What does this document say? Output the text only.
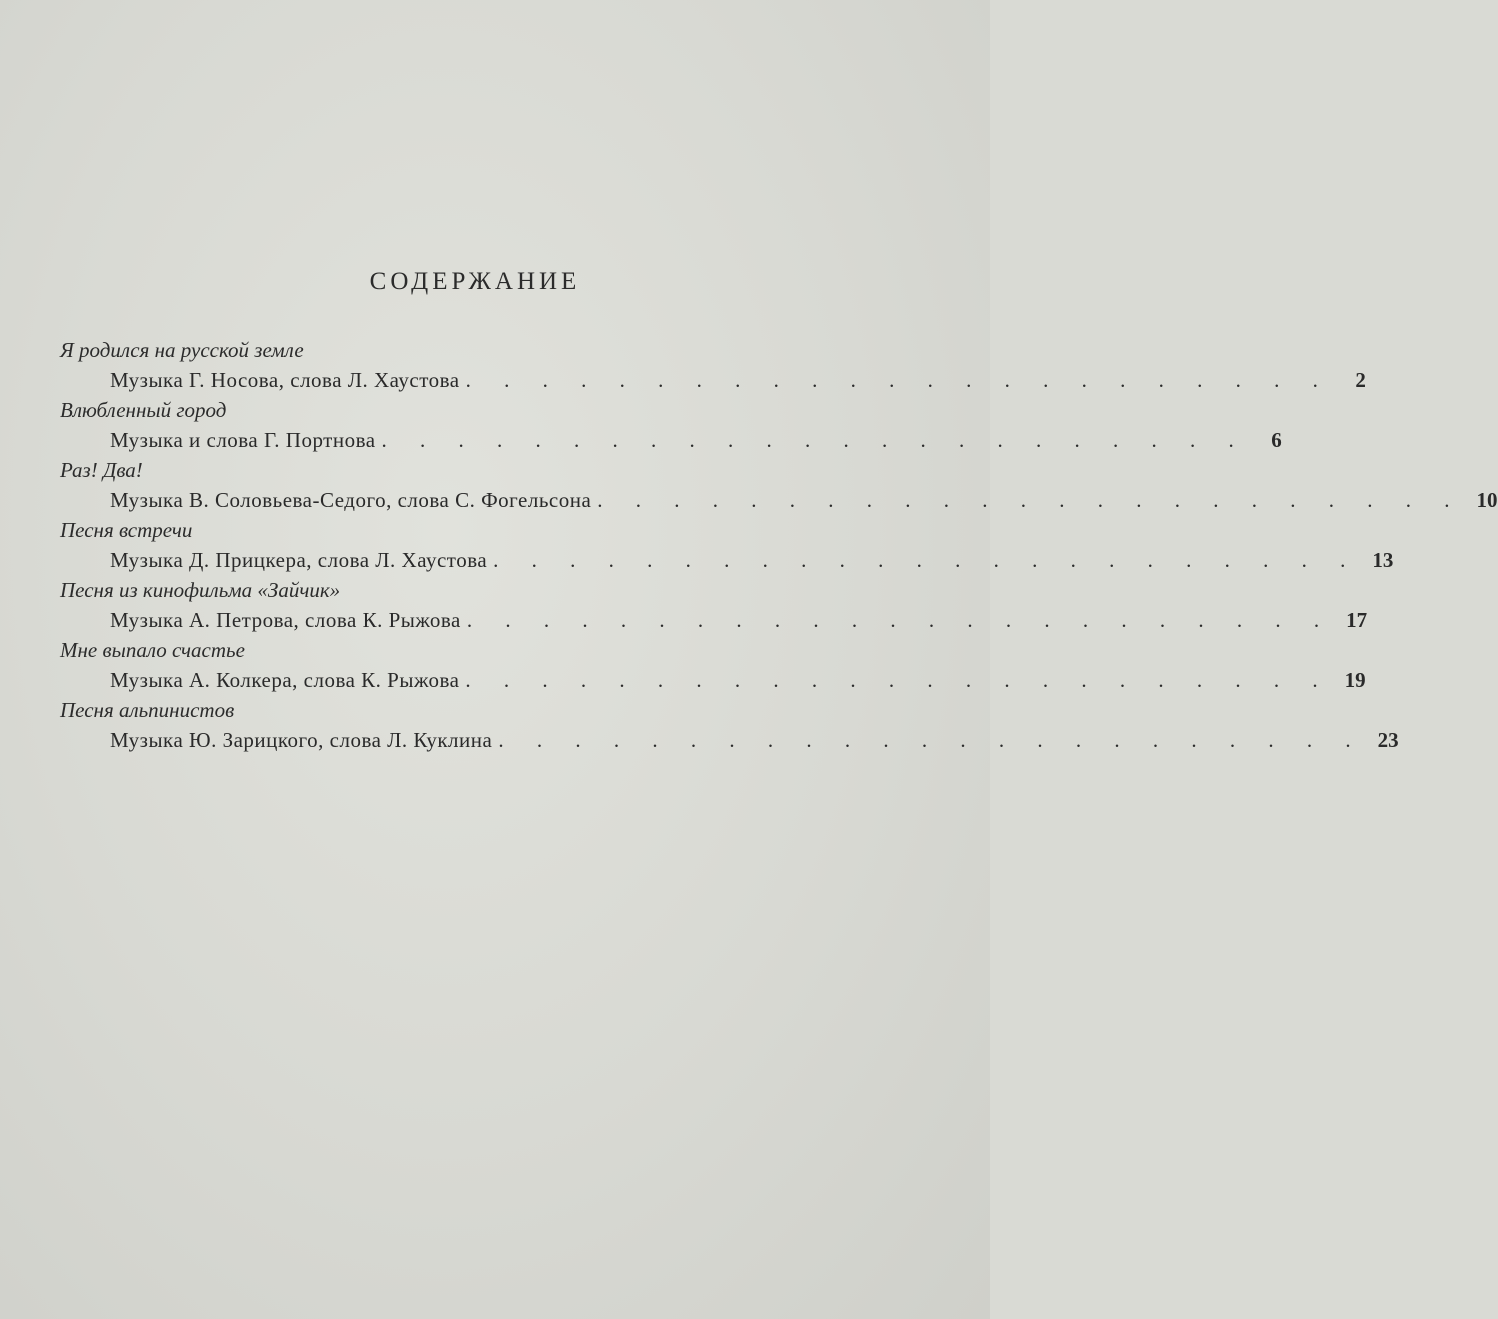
СОДЕРЖАНИЕ
Я родился на русской земле
Музыка Г. Носова, слова Л. Хаустова . . . . . . . . . . . . . . . . . . . . . . .	2
Влюбленный город
Музыка и слова Г. Портнова . . . . . . . . . . . . . . . . . . . . . . .	6
Раз! Два!
Музыка В. Соловьева-Седого, слова С. Фогельсона . . . . . . . . . . . . . . . . . . . . . . . 10
Песня встречи
Музыка Д. Прицкера, слова Л. Хаустова . . . . . . . . . . . . . . . . . . . . . . . 13
Песня из кинофильма «Зайчик»
Музыка А. Петрова, слова К. Рыжова . . . . . . . . . . . . . . . . . . . . . . . 17
Мне выпало счастье
Музыка А. Колкера, слова К. Рыжова . . . . . . . . . . . . . . . . . . . . . . . 19
Песня альпинистов
Музыка Ю. Зарицкого, слова Л. Куклина . . . . . . . . . . . . . . . . . . . . . . . 23
